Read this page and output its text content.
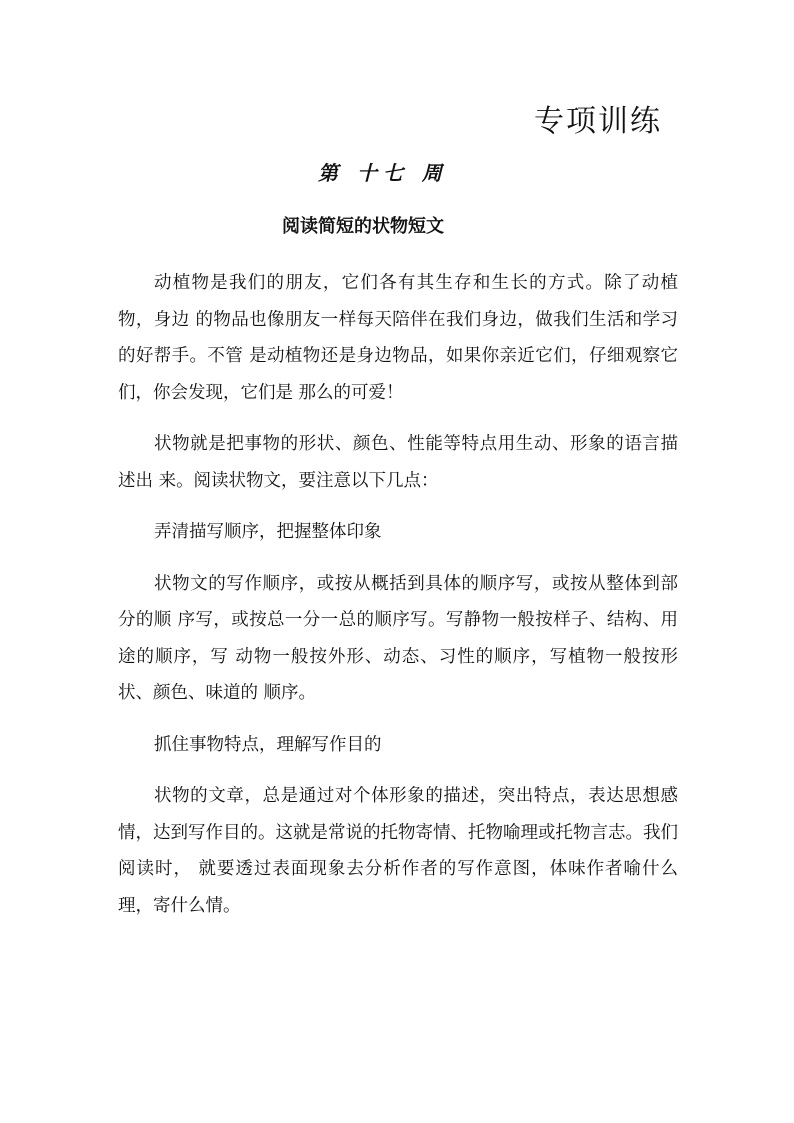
专项训练
第 十七 周
阅读简短的状物短文

动植物是我们的朋友，它们各有其生存和生长的方式。除了动植物，身边 的物品也像朋友一样每天陪伴在我们身边，做我们生活和学习的好帮手。不管 是动植物还是身边物品，如果你亲近它们，仔细观察它们，你会发现，它们是 那么的可爱！

状物就是把事物的形状、颜色、性能等特点用生动、形象的语言描述出 来。阅读状物文，要注意以下几点：

弄清描写顺序，把握整体印象

状物文的写作顺序，或按从概括到具体的顺序写，或按从整体到部分的顺 序写，或按总一分一总的顺序写。写静物一般按样子、结构、用途的顺序，写 动物一般按外形、动态、习性的顺序，写植物一般按形状、颜色、味道的 顺序。

抓住事物特点，理解写作目的

状物的文章，总是通过对个体形象的描述，突出特点，表达思想感情，达到写作目的。这就是常说的托物寄情、托物喻理或托物言志。我们阅读时， 就要透过表面现象去分析作者的写作意图，体味作者喻什么理，寄什么情。
